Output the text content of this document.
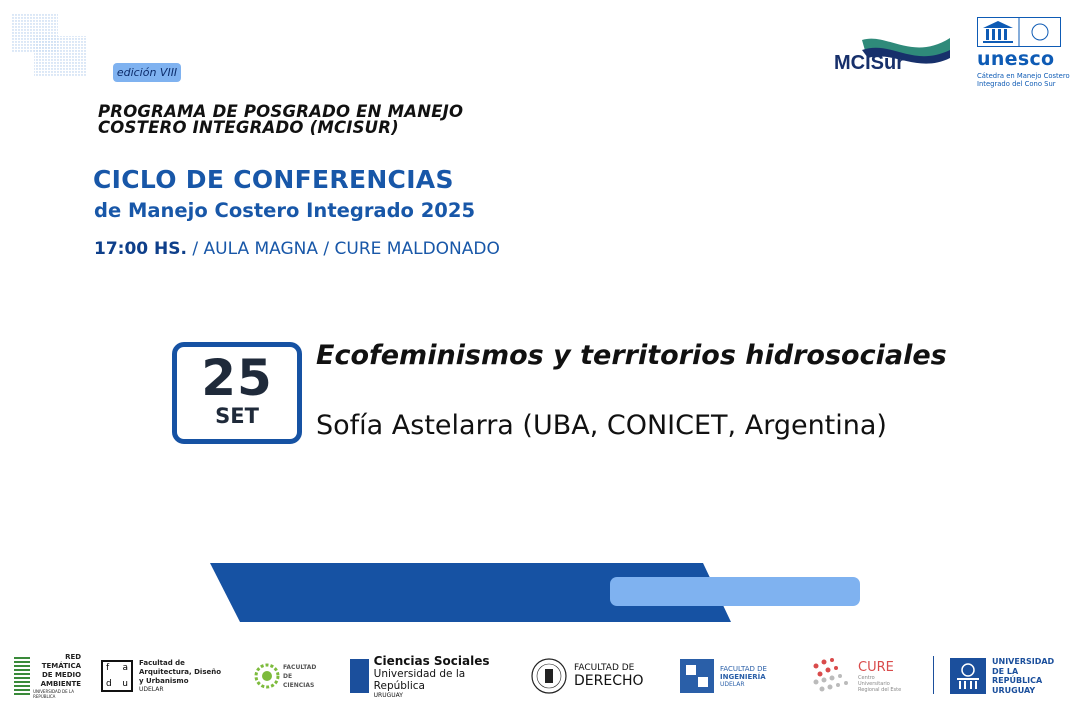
edición VIII
PROGRAMA DE POSGRADO EN MANEJO COSTERO INTEGRADO (MCISUR)
CICLO DE CONFERENCIAS
de Manejo Costero Integrado 2025
17:00 HS. / AULA MAGNA / CURE MALDONADO
25
SET
Ecofeminismos y territorios hidrosociales
Sofía Astelarra (UBA, CONICET, Argentina)
MCISur	unesco
Cátedra en Manejo Costero Integrado del Cono Sur
RED TEMÁTICA DE MEDIO AMBIENTE
UNIVERSIDAD DE LA REPÚBLICA
f a
d u
Facultad de Arquitectura, Diseño y Urbanismo
UDELAR
FACULTAD DE CIENCIAS
Ciencias Sociales
Universidad de la República
URUGUAY
FACULTAD DE
DERECHO
FACULTAD DE
INGENIERÍA
UDELAR
CURE
Centro Universitario Regional del Este
UNIVERSIDAD DE LA REPÚBLICA URUGUAY
